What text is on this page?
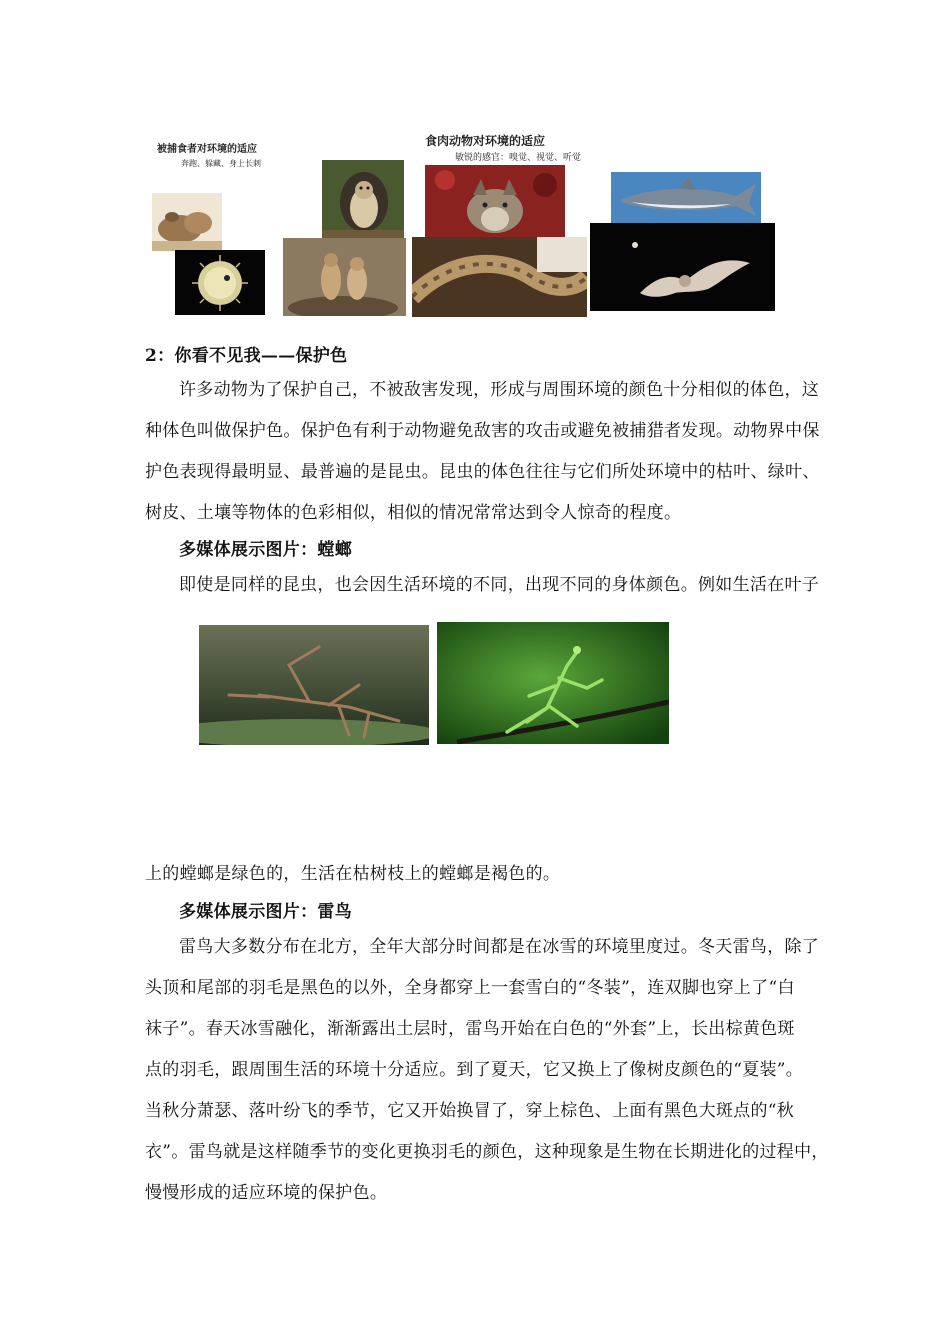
被捕食者对环境的适应
奔跑、躲藏、身上长刺
食肉动物对环境的适应
敏锐的感官：嗅觉、视觉、听觉
2：你看不见我——保护色
许多动物为了保护自己，不被敌害发现，形成与周围环境的颜色十分相似的体色，这
种体色叫做保护色。保护色有利于动物避免敌害的攻击或避免被捕猎者发现。动物界中保
护色表现得最明显、最普遍的是昆虫。昆虫的体色往往与它们所处环境中的枯叶、绿叶、
树皮、土壤等物体的色彩相似，相似的情况常常达到令人惊奇的程度。
多媒体展示图片：螳螂
即使是同样的昆虫，也会因生活环境的不同，出现不同的身体颜色。例如生活在叶子
上的螳螂是绿色的，生活在枯树枝上的螳螂是褐色的。
多媒体展示图片：雷鸟
雷鸟大多数分布在北方，全年大部分时间都是在冰雪的环境里度过。冬天雷鸟，除了
头顶和尾部的羽毛是黑色的以外，全身都穿上一套雪白的“冬装”，连双脚也穿上了“白
袜子”。春天冰雪融化，渐渐露出土层时，雷鸟开始在白色的“外套”上，长出棕黄色斑
点的羽毛，跟周围生活的环境十分适应。到了夏天，它又换上了像树皮颜色的“夏装”。
当秋分萧瑟、落叶纷飞的季节，它又开始换冒了，穿上棕色、上面有黑色大斑点的“秋
衣”。雷鸟就是这样随季节的变化更换羽毛的颜色，这种现象是生物在长期进化的过程中，
慢慢形成的适应环境的保护色。
